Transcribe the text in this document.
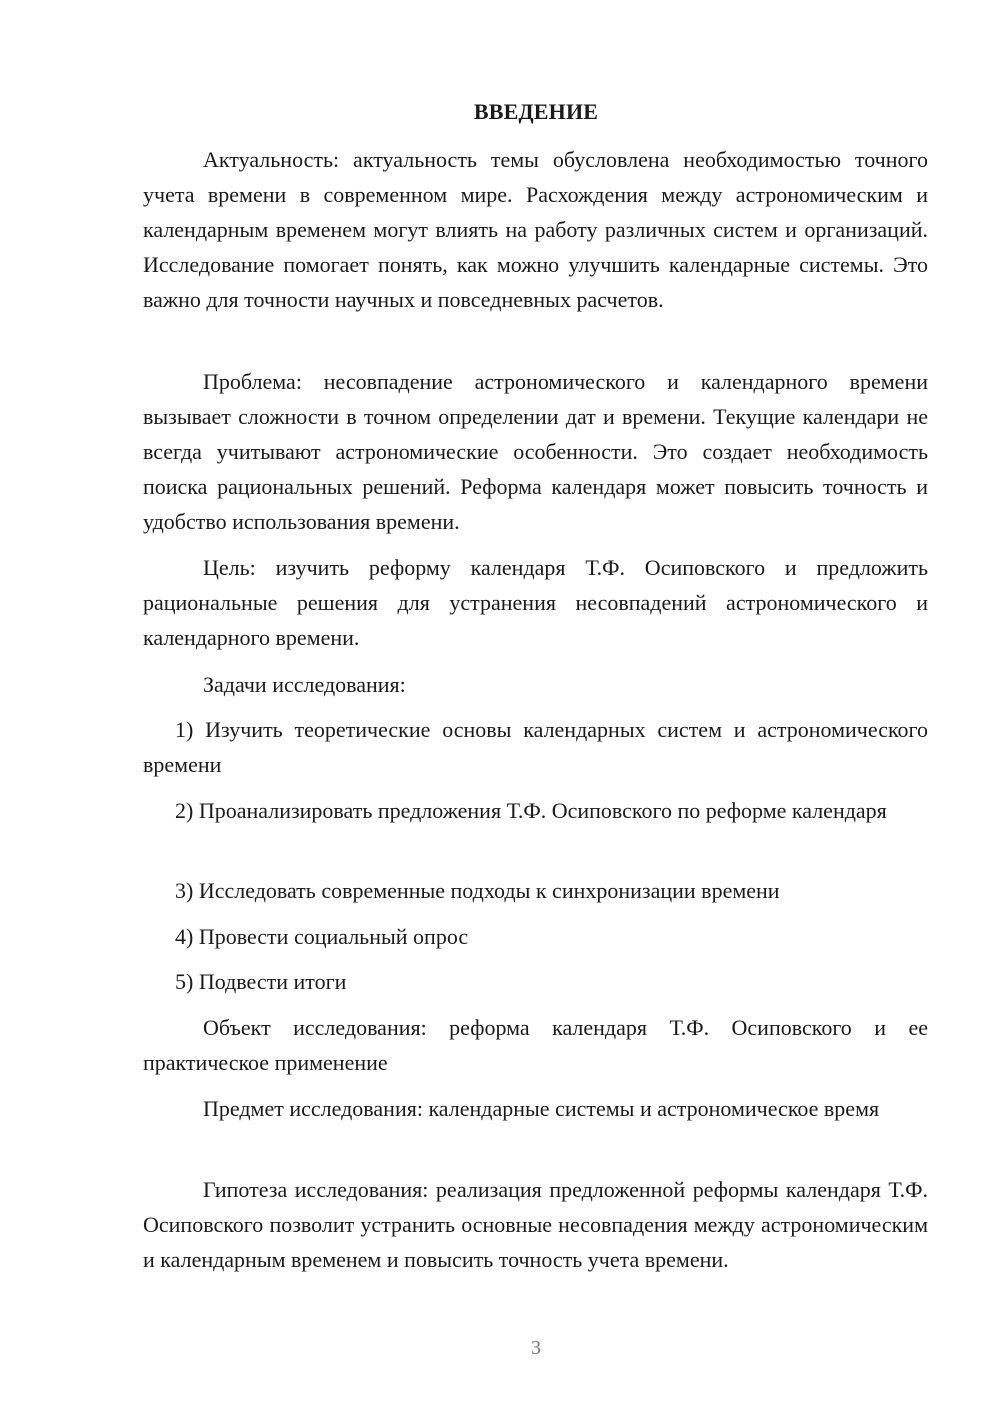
ВВЕДЕНИЕ

Актуальность: актуальность темы обусловлена необходимостью точного учета времени в современном мире. Расхождения между астрономическим и календарным временем могут влиять на работу различных систем и организаций. Исследование помогает понять, как можно улучшить календарные системы. Это важно для точности научных и повседневных расчетов.

Проблема: несовпадение астрономического и календарного времени вызывает сложности в точном определении дат и времени. Текущие календари не всегда учитывают астрономические особенности. Это создает необходимость поиска рациональных решений. Реформа календаря может повысить точность и удобство использования времени.

Цель: изучить реформу календаря Т.Ф. Осиповского и предложить рациональные решения для устранения несовпадений астрономического и календарного времени.

Задачи исследования:

1) Изучить теоретические основы календарных систем и астрономического времени

2) Проанализировать предложения Т.Ф. Осиповского по реформе календаря

3) Исследовать современные подходы к синхронизации времени

4) Провести социальный опрос

5) Подвести итоги

Объект исследования: реформа календаря Т.Ф. Осиповского и ее практическое применение

Предмет исследования: календарные системы и астрономическое время

Гипотеза исследования: реализация предложенной реформы календаря Т.Ф. Осиповского позволит устранить основные несовпадения между астрономическим и календарным временем и повысить точность учета времени.

3
